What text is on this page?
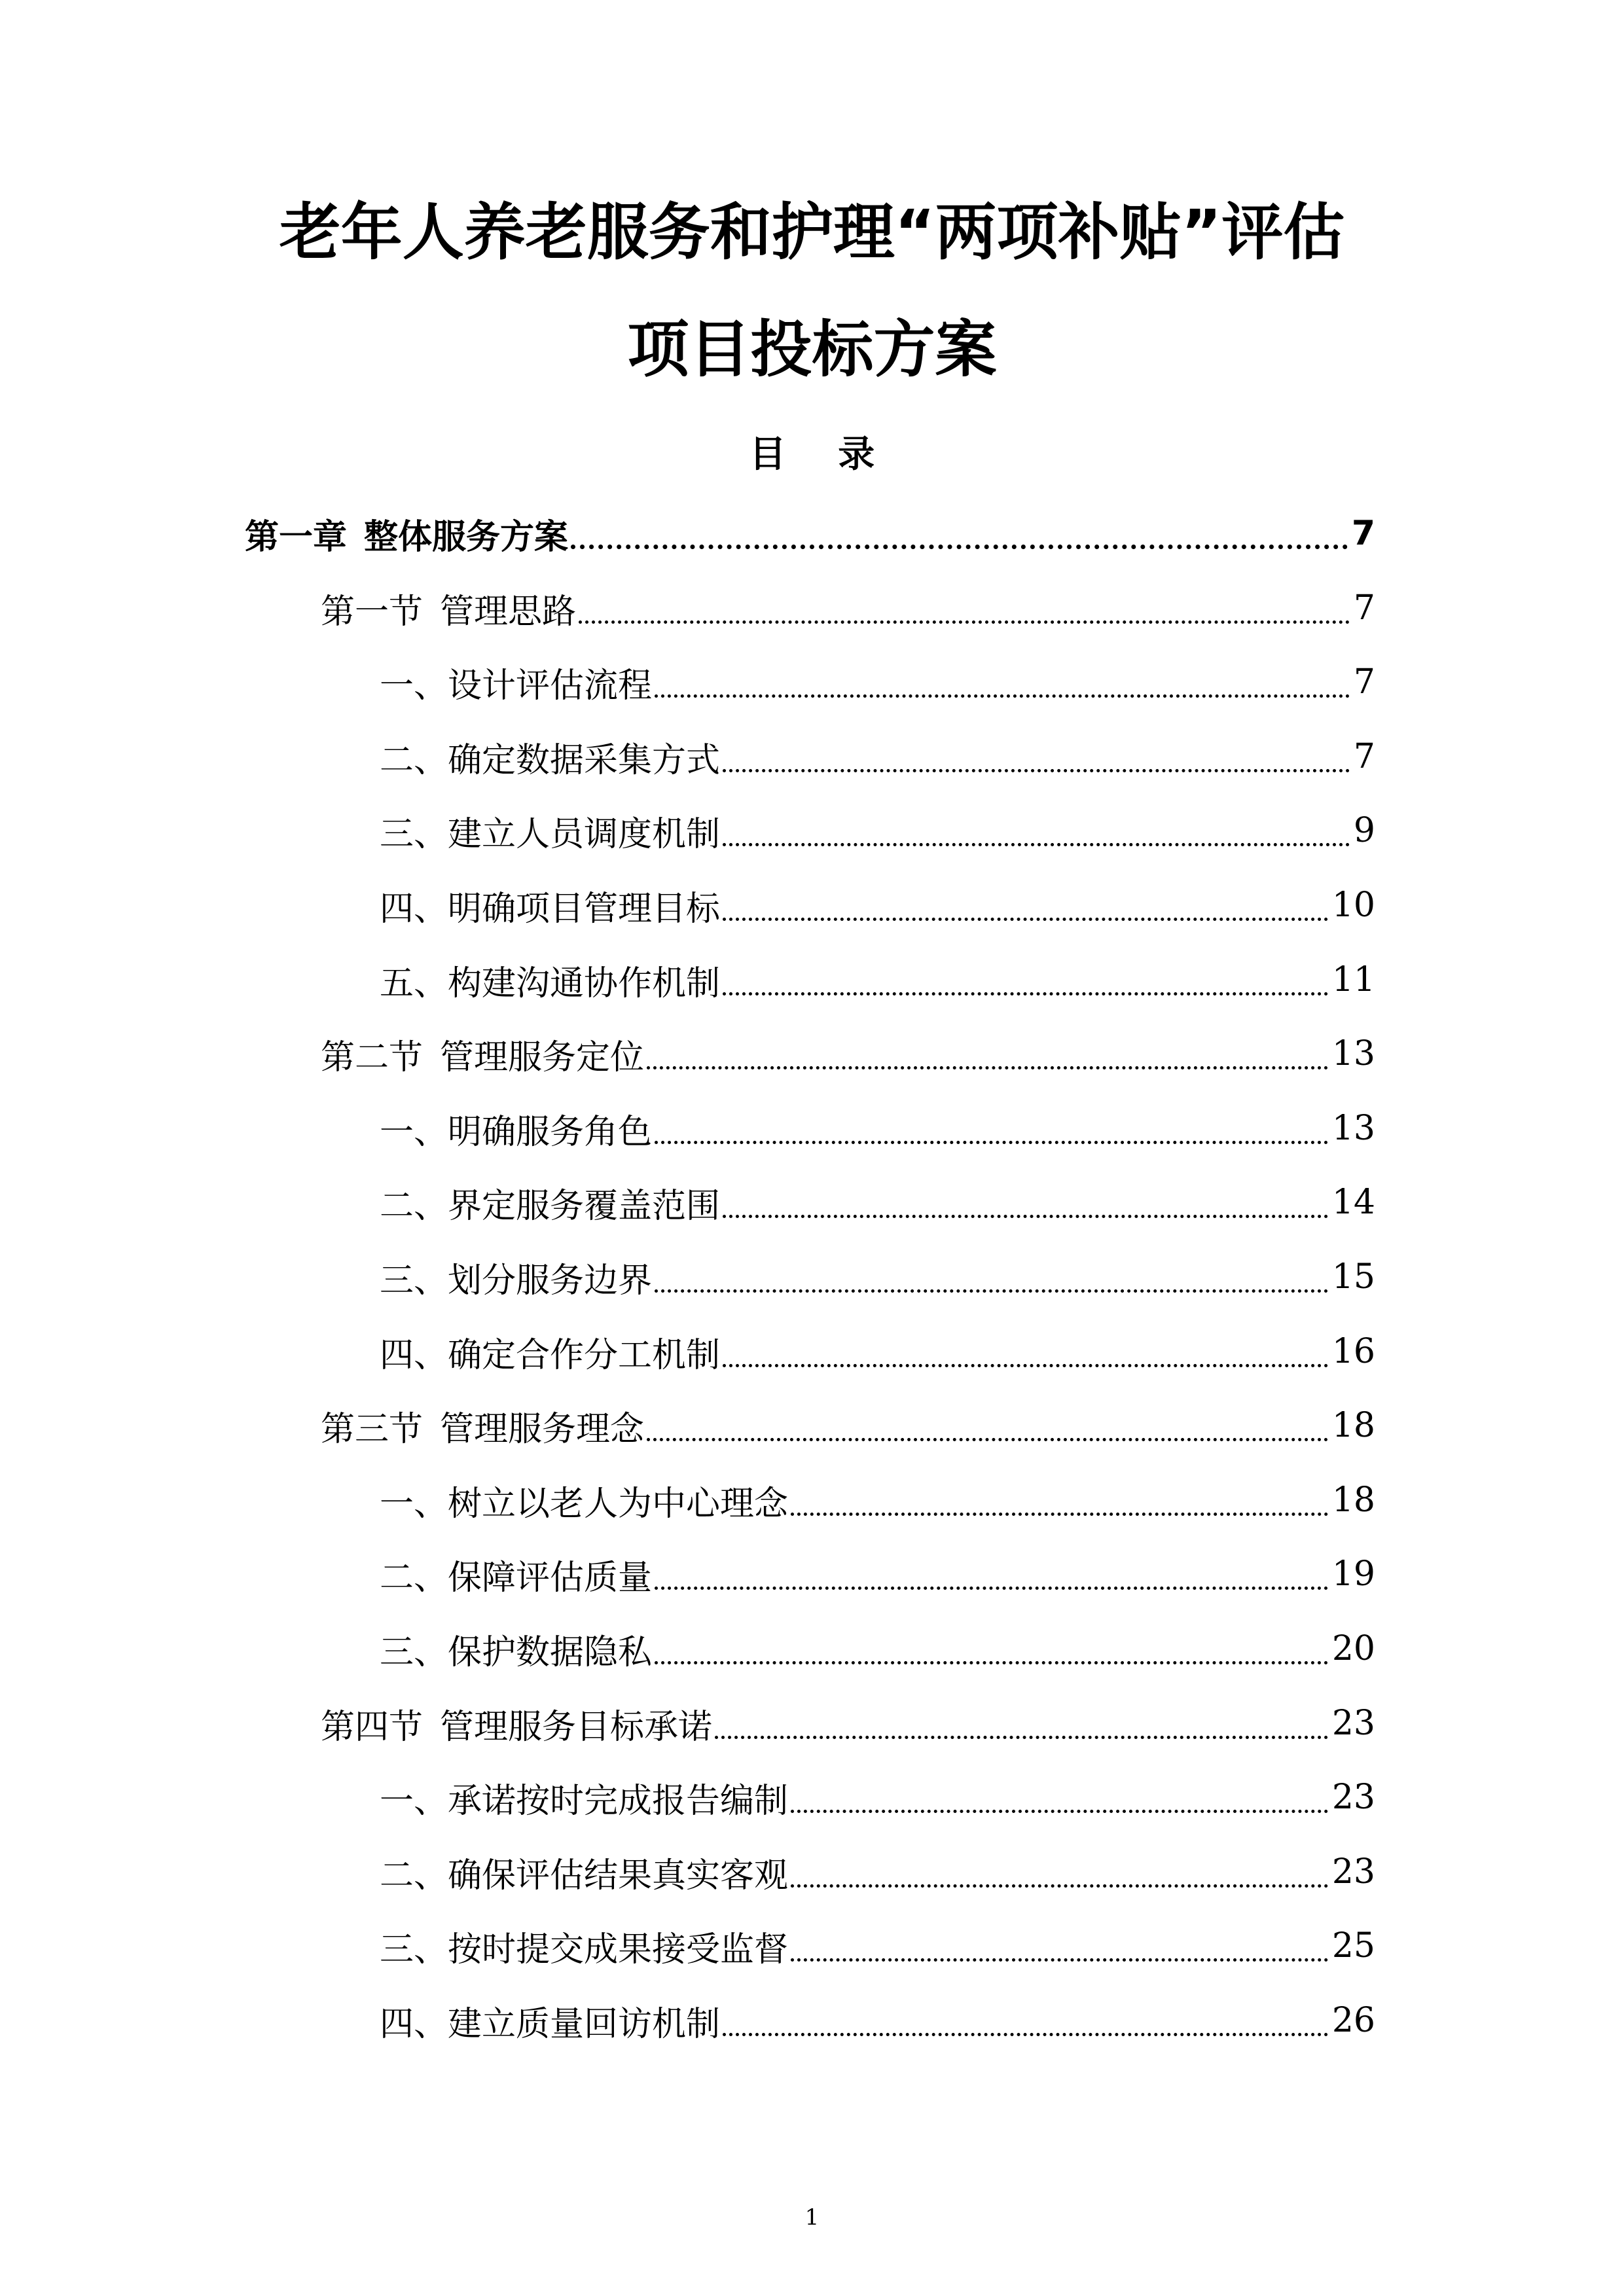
老年人养老服务和护理“两项补贴”评估
项目投标方案
目 录
第一章 整体服务方案	7
第一节 管理思路	7
一、设计评估流程	7
二、确定数据采集方式	7
三、建立人员调度机制	9
四、明确项目管理目标	10
五、构建沟通协作机制	11
第二节 管理服务定位	13
一、明确服务角色	13
二、界定服务覆盖范围	14
三、划分服务边界	15
四、确定合作分工机制	16
第三节 管理服务理念	18
一、树立以老人为中心理念	18
二、保障评估质量	19
三、保护数据隐私	20
第四节 管理服务目标承诺	23
一、承诺按时完成报告编制	23
二、确保评估结果真实客观	23
三、按时提交成果接受监督	25
四、建立质量回访机制	26
1
